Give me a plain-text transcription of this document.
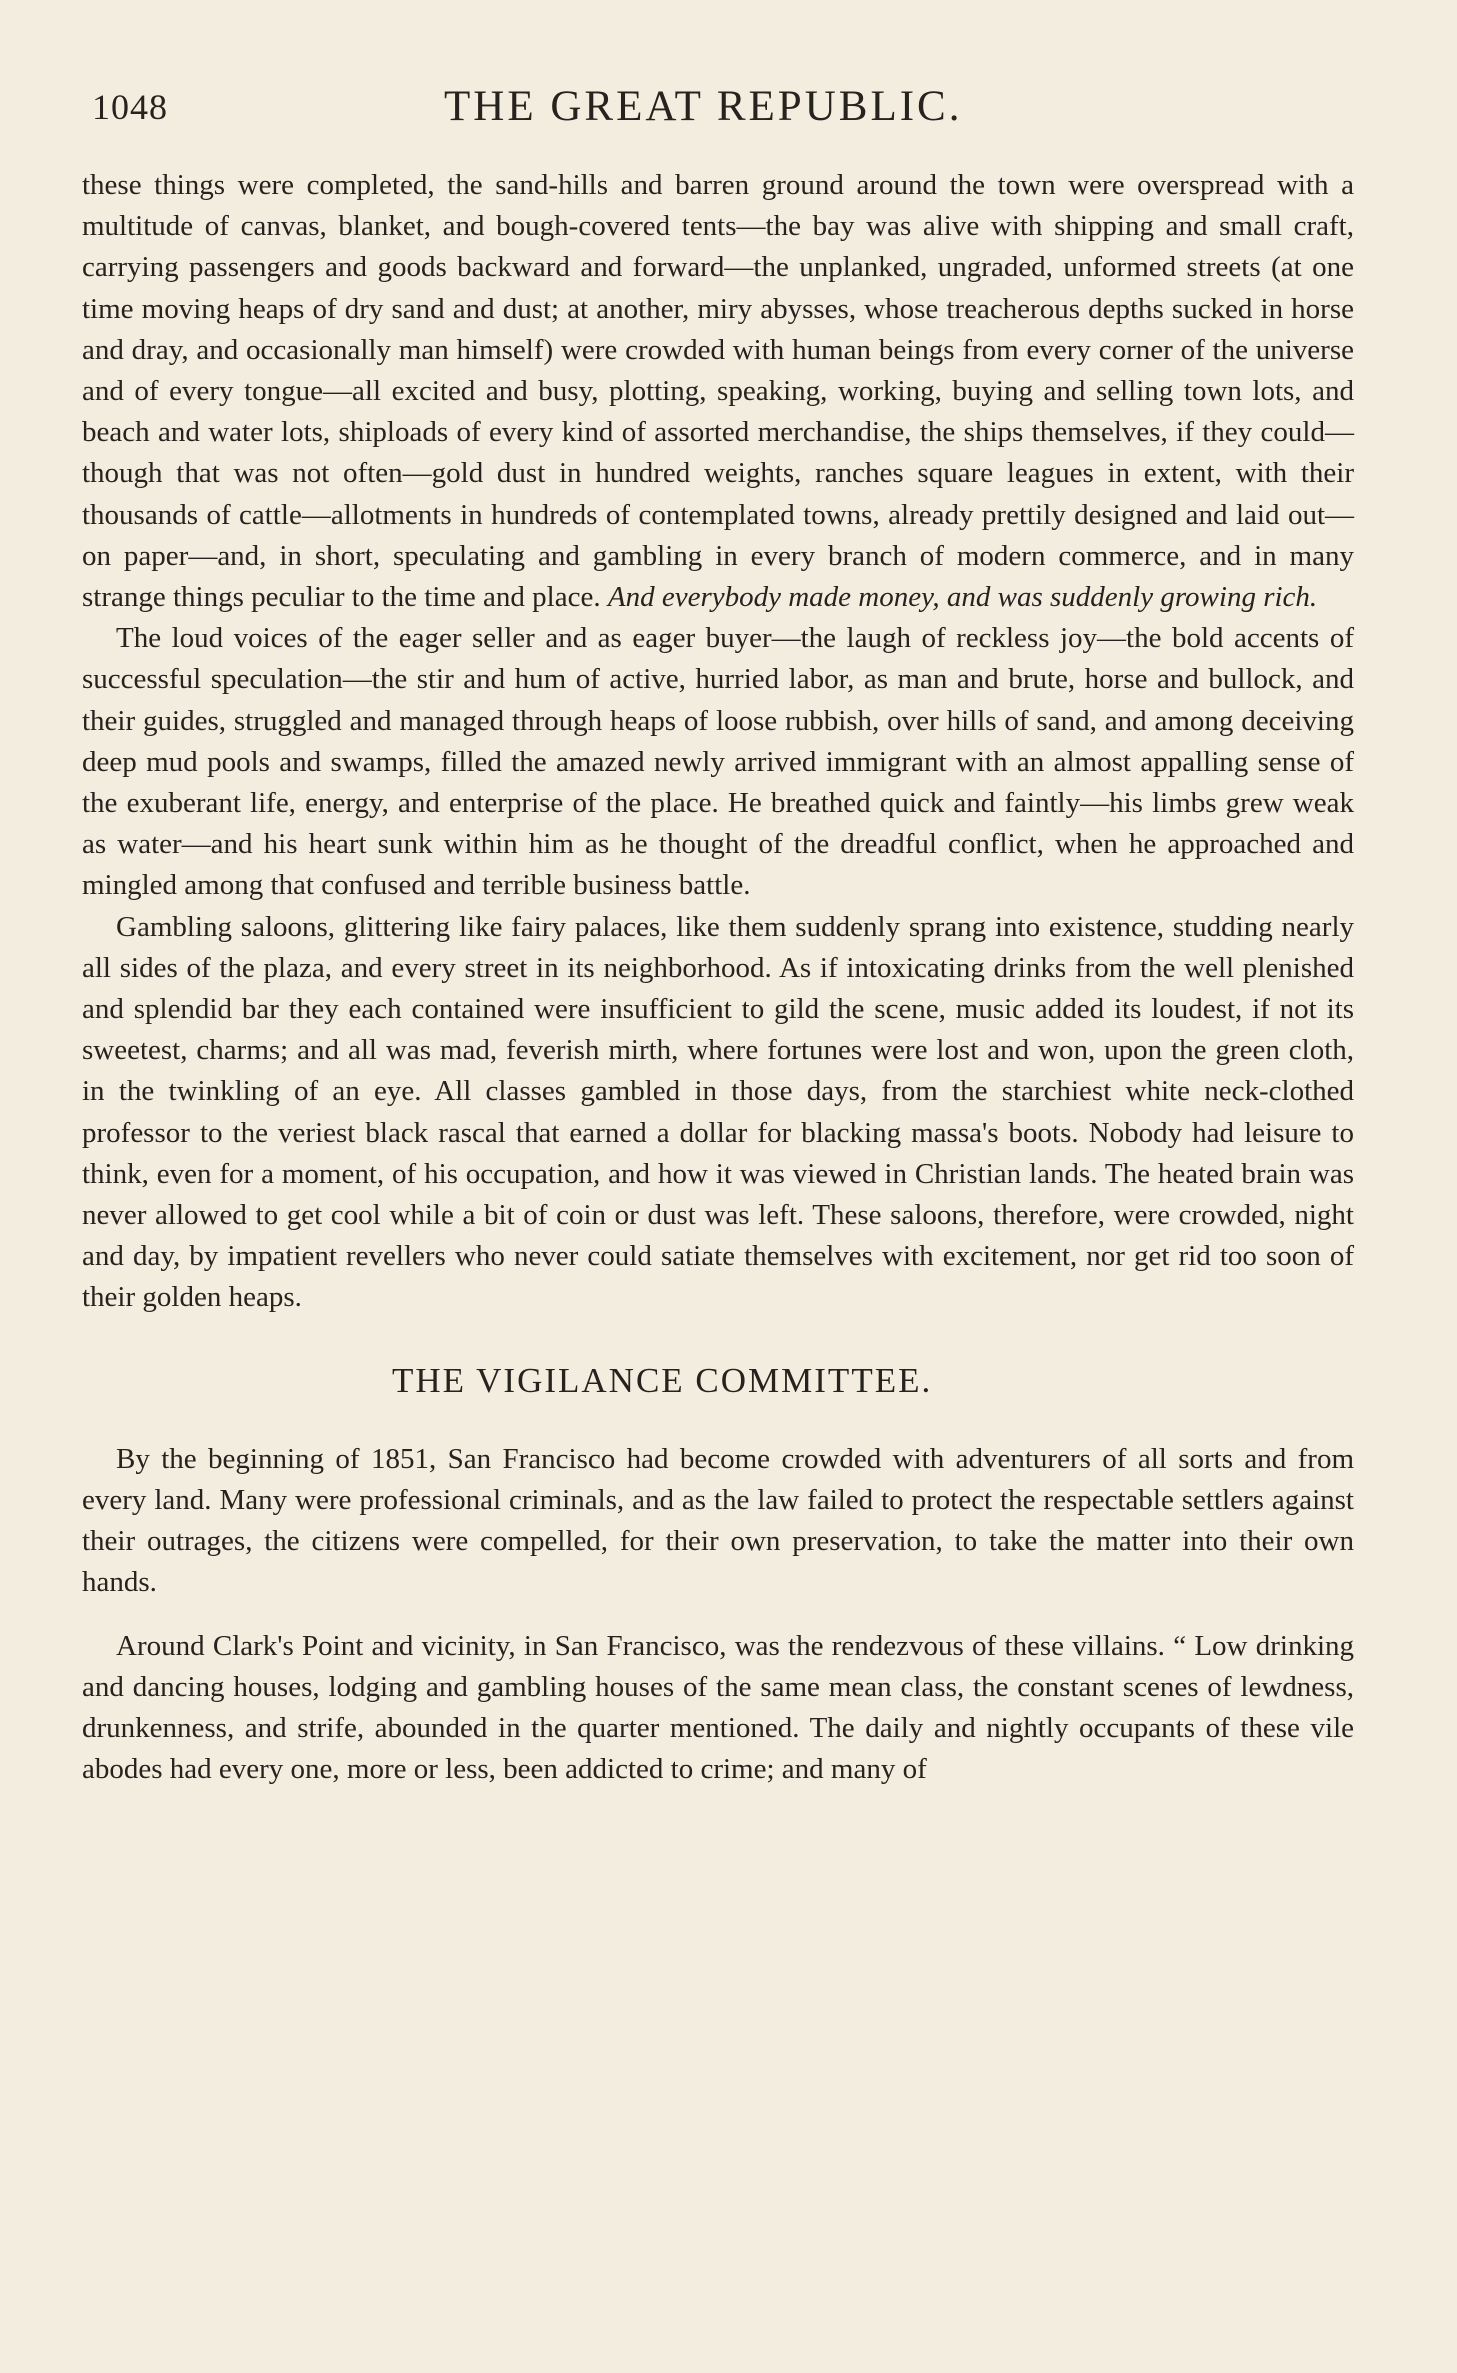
1048	THE GREAT REPUBLIC.

these things were completed, the sand-hills and barren ground around the town were overspread with a multitude of canvas, blanket, and bough-covered tents—the bay was alive with shipping and small craft, carrying passengers and goods backward and forward—the unplanked, ungraded, unformed streets (at one time moving heaps of dry sand and dust; at another, miry abysses, whose treacherous depths sucked in horse and dray, and occasionally man himself) were crowded with human beings from every corner of the universe and of every tongue—all excited and busy, plotting, speaking, working, buying and selling town lots, and beach and water lots, shiploads of every kind of assorted merchandise, the ships themselves, if they could—though that was not often—gold dust in hundred weights, ranches square leagues in extent, with their thousands of cattle—allotments in hundreds of contemplated towns, already prettily designed and laid out—on paper—and, in short, speculating and gambling in every branch of modern commerce, and in many strange things peculiar to the time and place. And everybody made money, and was suddenly growing rich.

The loud voices of the eager seller and as eager buyer—the laugh of reckless joy—the bold accents of successful speculation—the stir and hum of active, hurried labor, as man and brute, horse and bullock, and their guides, struggled and managed through heaps of loose rubbish, over hills of sand, and among deceiving deep mud pools and swamps, filled the amazed newly arrived immigrant with an almost appalling sense of the exuberant life, energy, and enterprise of the place. He breathed quick and faintly—his limbs grew weak as water—and his heart sunk within him as he thought of the dreadful conflict, when he approached and mingled among that confused and terrible business battle.

Gambling saloons, glittering like fairy palaces, like them suddenly sprang into existence, studding nearly all sides of the plaza, and every street in its neighborhood. As if intoxicating drinks from the well plenished and splendid bar they each contained were insufficient to gild the scene, music added its loudest, if not its sweetest, charms; and all was mad, feverish mirth, where fortunes were lost and won, upon the green cloth, in the twinkling of an eye. All classes gambled in those days, from the starchiest white neck-clothed professor to the veriest black rascal that earned a dollar for blacking massa's boots. Nobody had leisure to think, even for a moment, of his occupation, and how it was viewed in Christian lands. The heated brain was never allowed to get cool while a bit of coin or dust was left. These saloons, therefore, were crowded, night and day, by impatient revellers who never could satiate themselves with excitement, nor get rid too soon of their golden heaps.

THE VIGILANCE COMMITTEE.

By the beginning of 1851, San Francisco had become crowded with adventurers of all sorts and from every land. Many were professional criminals, and as the law failed to protect the respectable settlers against their outrages, the citizens were compelled, for their own preservation, to take the matter into their own hands.

Around Clark's Point and vicinity, in San Francisco, was the rendezvous of these villains. “ Low drinking and dancing houses, lodging and gambling houses of the same mean class, the constant scenes of lewdness, drunkenness, and strife, abounded in the quarter mentioned. The daily and nightly occupants of these vile abodes had every one, more or less, been addicted to crime; and many of
